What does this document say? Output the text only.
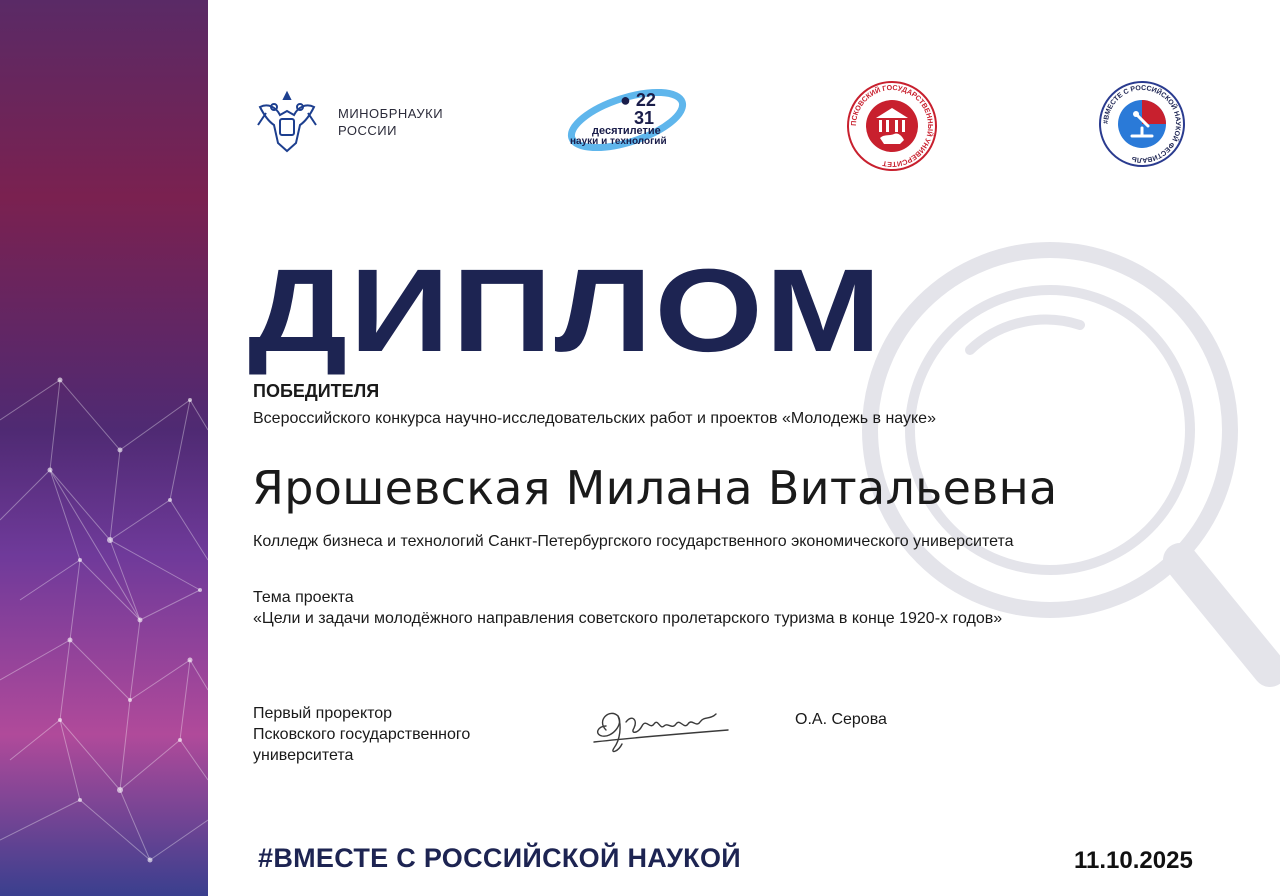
МИНОБРНАУКИ
РОССИИ
● 22
31
десятилетие
науки и технологий
ПСКОВСКИЙ ГОСУДАРСТВЕННЫЙ УНИВЕРСИТЕТ
#ВМЕСТЕ С РОССИЙСКОЙ НАУКОЙ ФЕСТИВАЛЬ
ДИПЛОМ
ПОБЕДИТЕЛЯ
Всероссийского конкурса научно-исследовательских работ и проектов «Молодежь в науке»
Ярошевская Милана Витальевна
Колледж бизнеса и технологий Санкт-Петербургского государственного экономического университета
Тема проекта
«Цели и задачи молодёжного направления советского пролетарского туризма в конце 1920-х годов»
Первый проректор
Псковского государственного
университета
О.А. Серова
#ВМЕСТЕ С РОССИЙСКОЙ НАУКОЙ	11.10.2025
